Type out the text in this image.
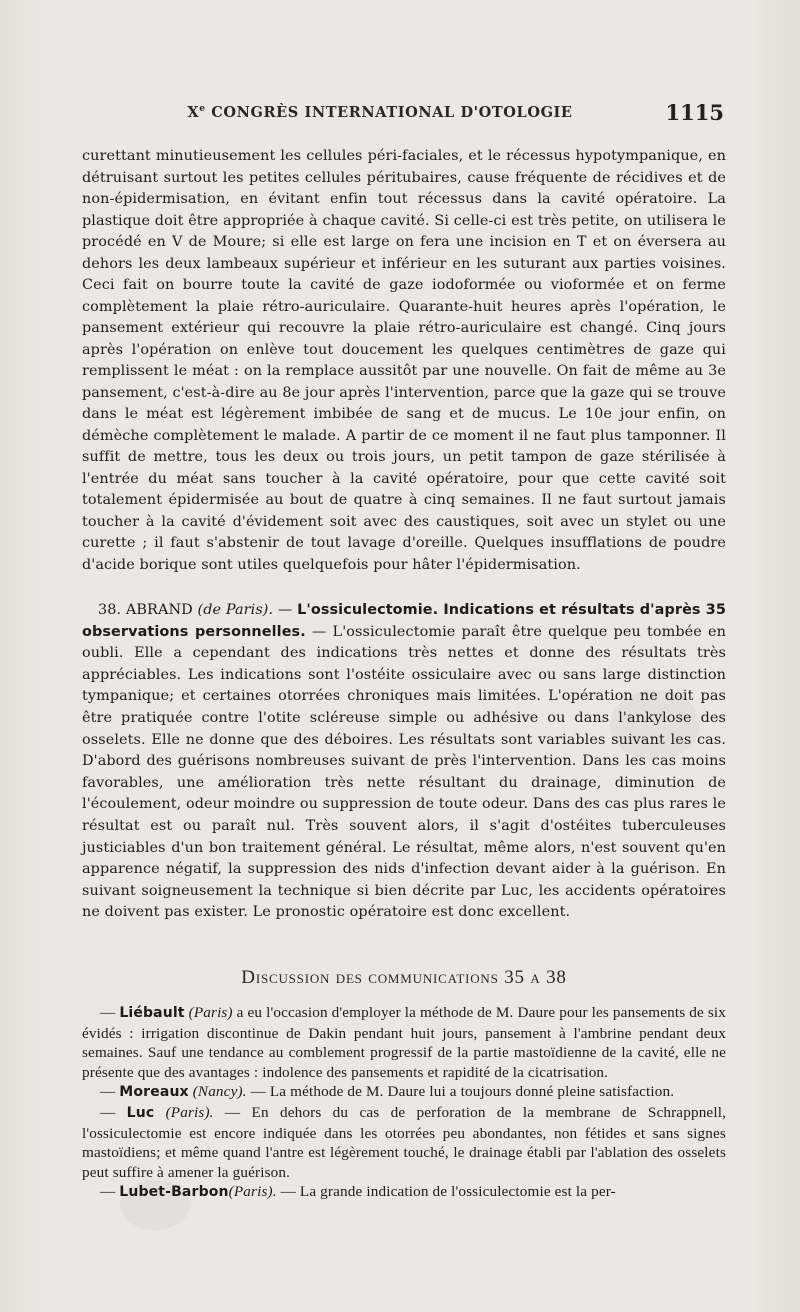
Xe CONGRÈS INTERNATIONAL D'OTOLOGIE	1115

curettant minutieusement les cellules péri-faciales, et le récessus hypotympanique, en détruisant surtout les petites cellules péritubaires, cause fréquente de récidives et de non-épidermisation, en évitant enfin tout récessus dans la cavité opératoire. La plastique doit être appropriée à chaque cavité. Si celle-ci est très petite, on utilisera le procédé en V de Moure; si elle est large on fera une incision en T et on éversera au dehors les deux lambeaux supérieur et inférieur en les suturant aux parties voisines. Ceci fait on bourre toute la cavité de gaze iodoformée ou vioformée et on ferme complètement la plaie rétro-auriculaire. Quarante-huit heures après l'opération, le pansement extérieur qui recouvre la plaie rétro-auriculaire est changé. Cinq jours après l'opération on enlève tout doucement les quelques centimètres de gaze qui remplissent le méat : on la remplace aussitôt par une nouvelle. On fait de même au 3e pansement, c'est-à-dire au 8e jour après l'intervention, parce que la gaze qui se trouve dans le méat est légèrement imbibée de sang et de mucus. Le 10e jour enfin, on démèche complètement le malade. A partir de ce moment il ne faut plus tamponner. Il suffit de mettre, tous les deux ou trois jours, un petit tampon de gaze stérilisée à l'entrée du méat sans toucher à la cavité opératoire, pour que cette cavité soit totalement épidermisée au bout de quatre à cinq semaines. Il ne faut surtout jamais toucher à la cavité d'évidement soit avec des caustiques, soit avec un stylet ou une curette ; il faut s'abstenir de tout lavage d'oreille. Quelques insufflations de poudre d'acide borique sont utiles quelquefois pour hâter l'épidermisation.

38. ABRAND (de Paris). — L'ossiculectomie. Indications et résultats d'après 35 observations personnelles. — L'ossiculectomie paraît être quelque peu tombée en oubli. Elle a cependant des indications très nettes et donne des résultats très appréciables. Les indications sont l'ostéite ossiculaire avec ou sans large distinction tympanique; et certaines otorrées chroniques mais limitées. L'opération ne doit pas être pratiquée contre l'otite scléreuse simple ou adhésive ou dans l'ankylose des osselets. Elle ne donne que des déboires. Les résultats sont variables suivant les cas. D'abord des guérisons nombreuses suivant de près l'intervention. Dans les cas moins favorables, une amélioration très nette résultant du drainage, diminution de l'écoulement, odeur moindre ou suppression de toute odeur. Dans des cas plus rares le résultat est ou paraît nul. Très souvent alors, il s'agit d'ostéites tuberculeuses justiciables d'un bon traitement général. Le résultat, même alors, n'est souvent qu'en apparence négatif, la suppression des nids d'infection devant aider à la guérison. En suivant soigneusement la technique si bien décrite par Luc, les accidents opératoires ne doivent pas exister. Le pronostic opératoire est donc excellent.

Discussion des communications 35 a 38

— Liébault (Paris) a eu l'occasion d'employer la méthode de M. Daure pour les pansements de six évidés : irrigation discontinue de Dakin pendant huit jours, pansement à l'ambrine pendant deux semaines. Sauf une tendance au comblement progressif de la partie mastoïdienne de la cavité, elle ne présente que des avantages : indolence des pansements et rapidité de la cicatrisation.

— Moreaux (Nancy). — La méthode de M. Daure lui a toujours donné pleine satisfaction.

— Luc (Paris). — En dehors du cas de perforation de la membrane de Schrappnell, l'ossiculectomie est encore indiquée dans les otorrées peu abondantes, non fétides et sans signes mastoïdiens; et même quand l'antre est légèrement touché, le drainage établi par l'ablation des osselets peut suffire à amener la guérison.

— Lubet-Barbon(Paris). — La grande indication de l'ossiculectomie est la per-
